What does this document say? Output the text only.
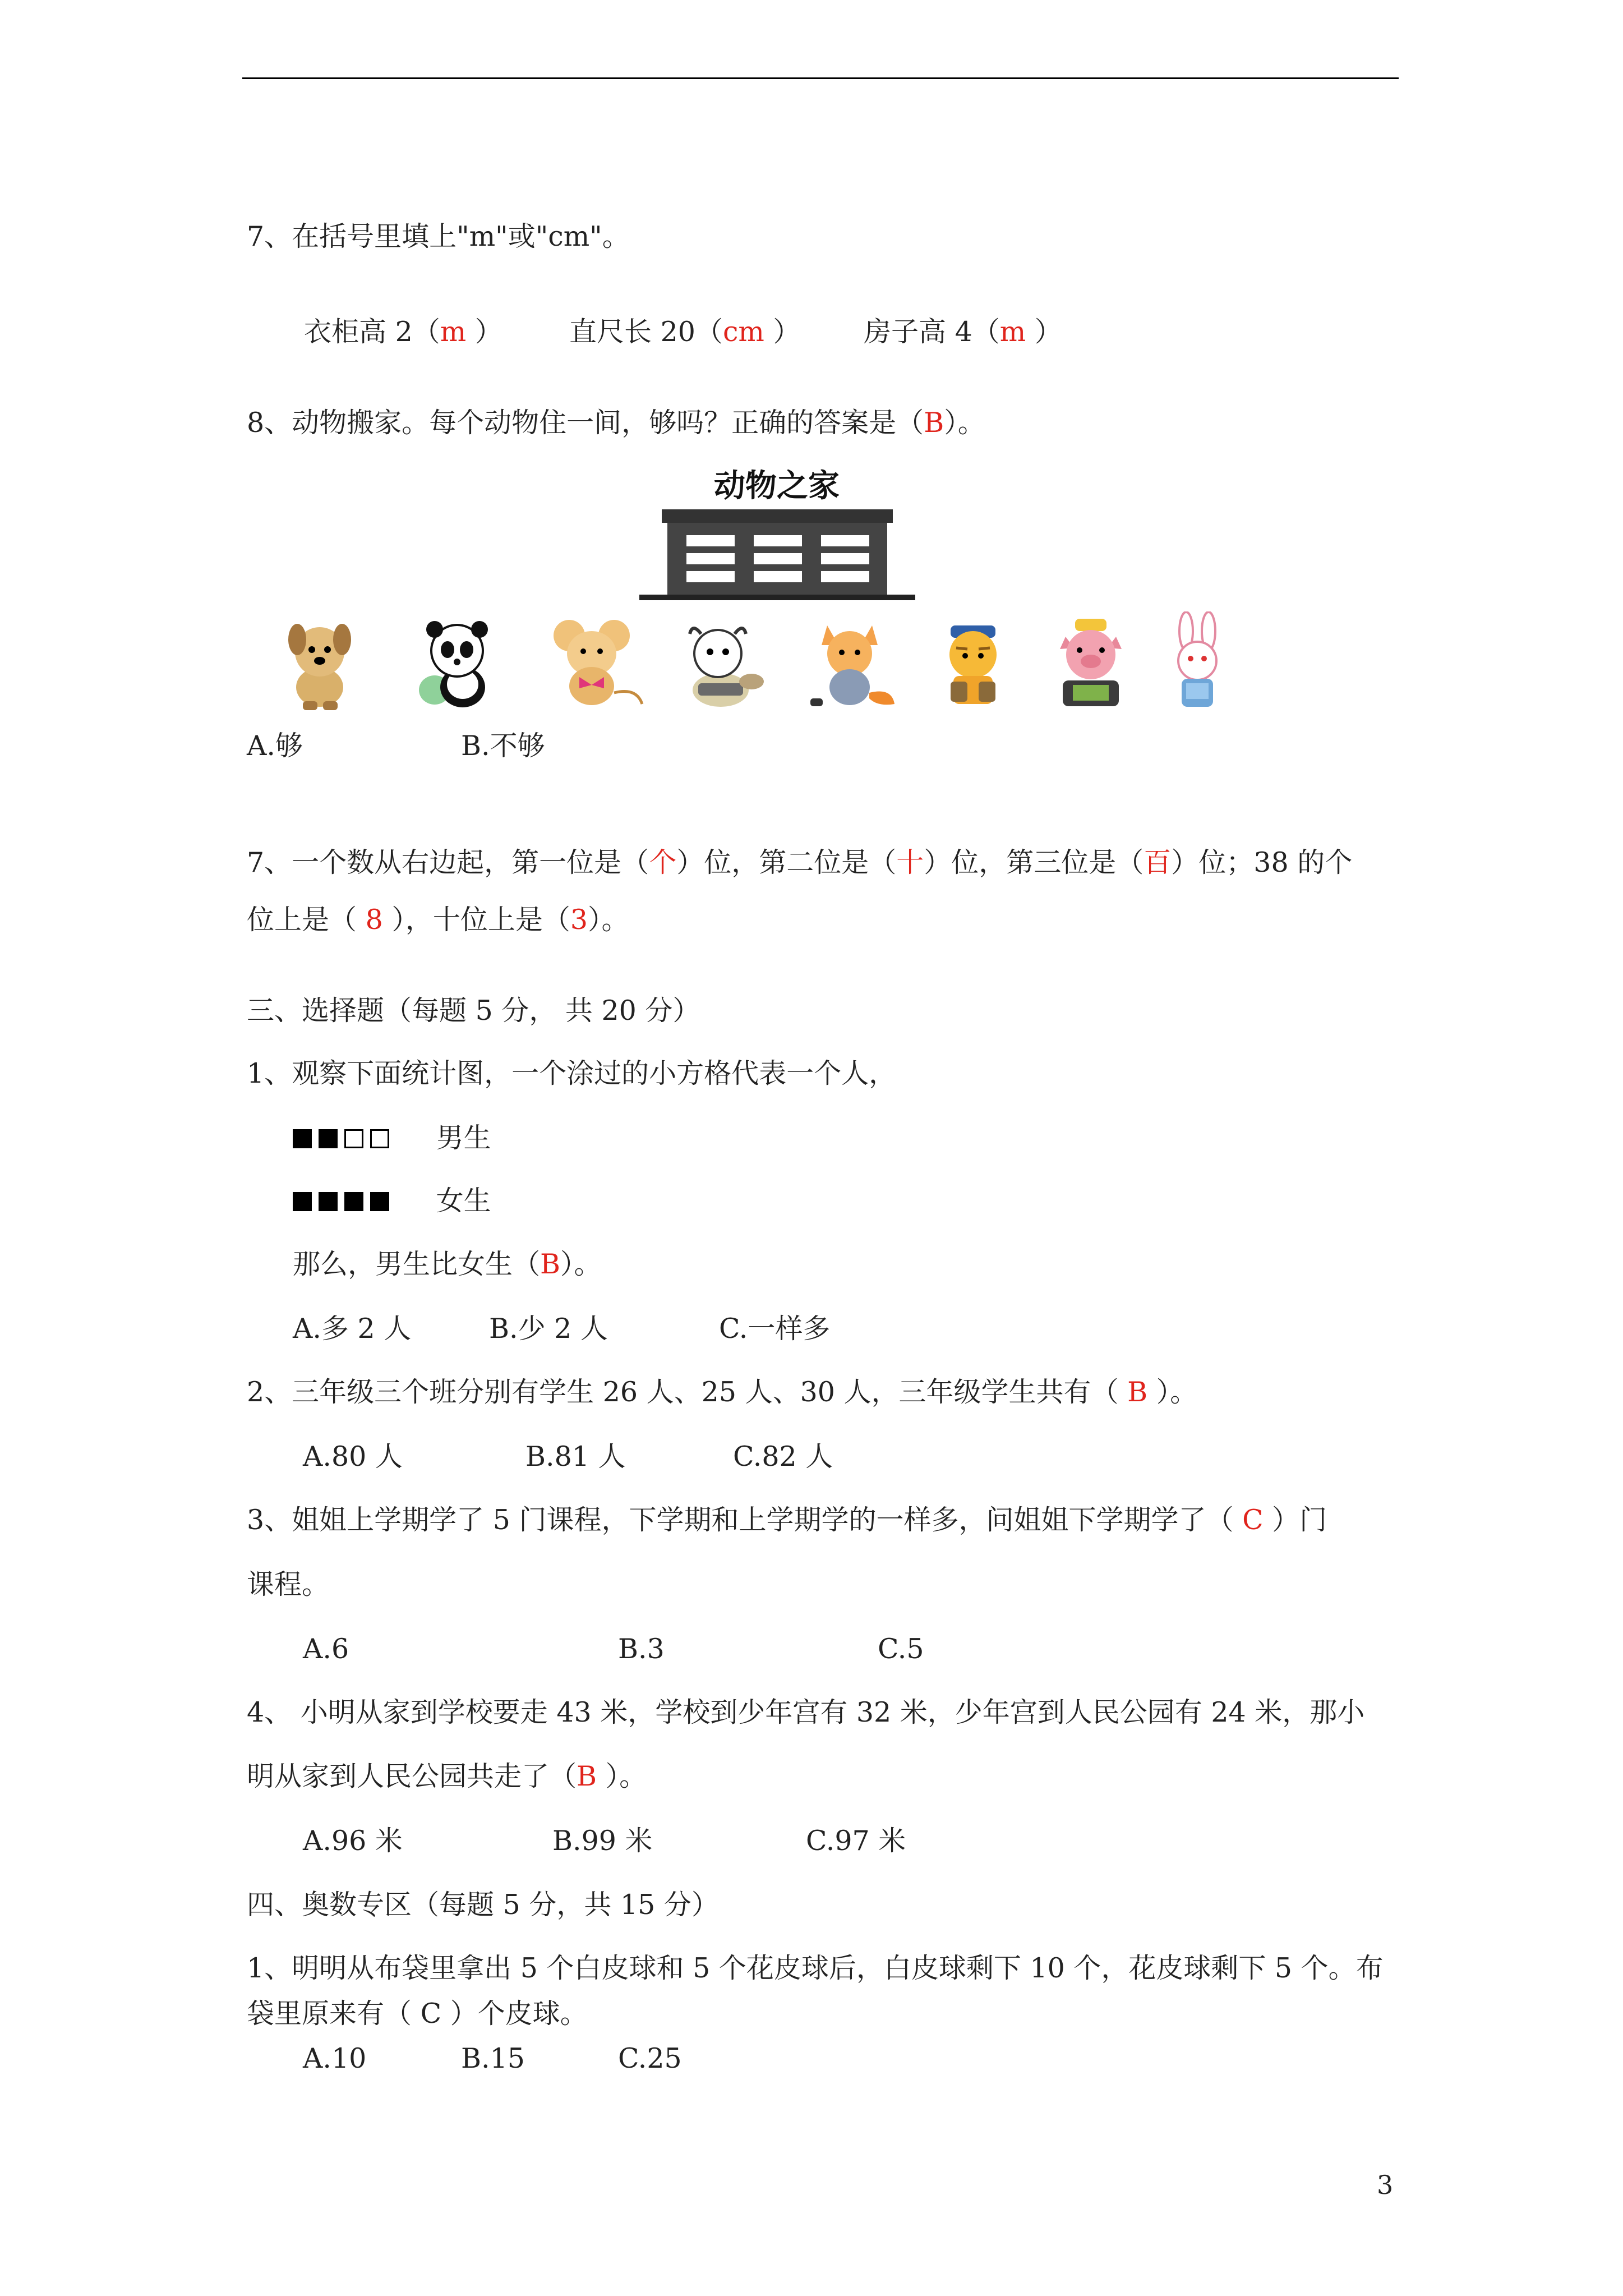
7、在括号里填上"m"或"cm"。
衣柜高 2（m ） 直尺长 20（cm ） 房子高 4（m ）
8、动物搬家。每个动物住一间，够吗？正确的答案是（B）。
动物之家
A.够	B.不够
7、一个数从右边起，第一位是（个）位，第二位是（十）位，第三位是（百）位；38 的个
位上是（ 8 ），十位上是（3）。
三、选择题（每题 5 分， 共 20 分）
1、观察下面统计图，一个涂过的小方格代表一个人，
男生
女生
那么，男生比女生（B）。
A.多 2 人	B.少 2 人	C.一样多
2、三年级三个班分别有学生 26 人、25 人、30 人，三年级学生共有（ B ）。
A.80 人	B.81 人	C.82 人
3、姐姐上学期学了 5 门课程，下学期和上学期学的一样多，问姐姐下学期学了（ C ）门
课程。
A.6	B.3	C.5
4、 小明从家到学校要走 43 米，学校到少年宫有 32 米，少年宫到人民公园有 24 米，那小
明从家到人民公园共走了（B ）。
A.96 米	B.99 米	C.97 米
四、奥数专区（每题 5 分，共 15 分）
1、明明从布袋里拿出 5 个白皮球和 5 个花皮球后，白皮球剩下 10 个，花皮球剩下 5 个。布
袋里原来有（ C ）个皮球。
A.10	B.15	C.25
3
